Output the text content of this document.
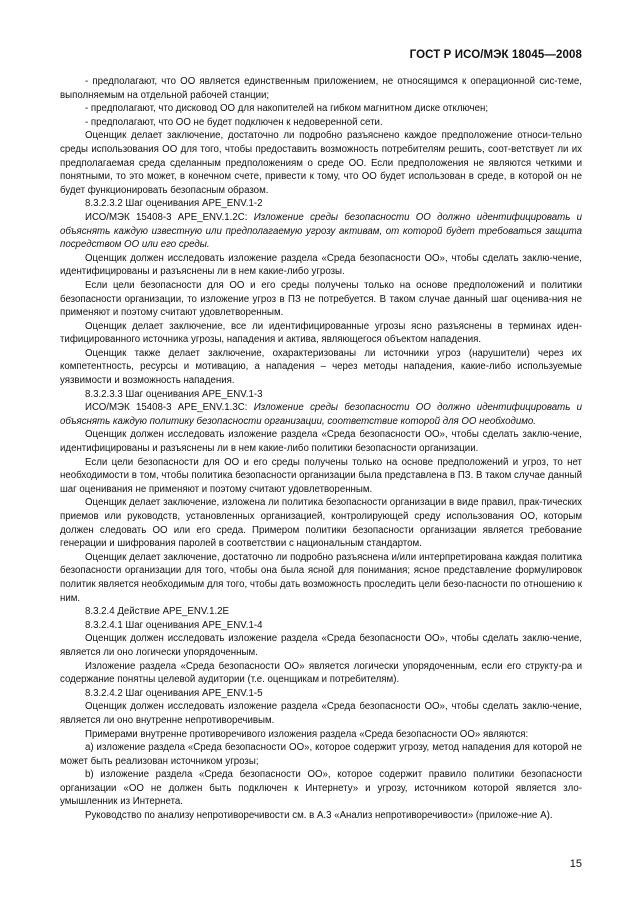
ГОСТ Р ИСО/МЭК 18045—2008

- предполагают, что ОО является единственным приложением, не относящимся к операционной сис-теме, выполняемым на отдельной рабочей станции;

- предполагают, что дисковод ОО для накопителей на гибком магнитном диске отключен;

- предполагают, что ОО не будет подключен к недоверенной сети.

Оценщик делает заключение, достаточно ли подробно разъяснено каждое предположение относи-тельно среды использования ОО для того, чтобы предоставить возможность потребителям решить, соот-ветствует ли их предполагаемая среда сделанным предположениям о среде ОО. Если предположения не являются четкими и понятными, то это может, в конечном счете, привести к тому, что ОО будет использован в среде, в которой он не будет функционировать безопасным образом.

8.3.2.3.2 Шаг оценивания APE_ENV.1-2

ИСО/МЭК 15408-3 APE_ENV.1.2C: Изложение среды безопасности ОО должно идентифицировать и объяснять каждую известную или предполагаемую угрозу активам, от которой будет требоваться защита посредством ОО или его среды.

Оценщик должен исследовать изложение раздела «Среда безопасности ОО», чтобы сделать заклю-чение, идентифицированы и разъяснены ли в нем какие-либо угрозы.

Если цели безопасности для ОО и его среды получены только на основе предположений и политики безопасности организации, то изложение угроз в ПЗ не потребуется. В таком случае данный шаг оценива-ния не применяют и поэтому считают удовлетворенным.

Оценщик делает заключение, все ли идентифицированные угрозы ясно разъяснены в терминах иден-тифицированного источника угрозы, нападения и актива, являющегося объектом нападения.

Оценщик также делает заключение, охарактеризованы ли источники угроз (нарушители) через их компетентность, ресурсы и мотивацию, а нападения – через методы нападения, какие-либо используемые уязвимости и возможность нападения.

8.3.2.3.3 Шаг оценивания APE_ENV.1-3

ИСО/МЭК 15408-3 APE_ENV.1.3C: Изложение среды безопасности ОО должно идентифицировать и объяснять каждую политику безопасности организации, соответствие которой для ОО необходимо.

Оценщик должен исследовать изложение раздела «Среда безопасности ОО», чтобы сделать заклю-чение, идентифицированы и разъяснены ли в нем какие-либо политики безопасности организации.

Если цели безопасности для ОО и его среды получены только на основе предположений и угроз, то нет необходимости в том, чтобы политика безопасности организации была представлена в ПЗ. В таком случае данный шаг оценивания не применяют и поэтому считают удовлетворенным.

Оценщик делает заключение, изложена ли политика безопасности организации в виде правил, прак-тических приемов или руководств, установленных организацией, контролирующей среду использования ОО, которым должен следовать ОО или его среда. Примером политики безопасности организации является требование генерации и шифрования паролей в соответствии с национальным стандартом.

Оценщик делает заключение, достаточно ли подробно разъяснена и/или интерпретирована каждая политика безопасности организации для того, чтобы она была ясной для понимания; ясное представление формулировок политик является необходимым для того, чтобы дать возможность проследить цели безо-пасности по отношению к ним.

8.3.2.4 Действие APE_ENV.1.2E

8.3.2.4.1 Шаг оценивания APE_ENV.1-4

Оценщик должен исследовать изложение раздела «Среда безопасности ОО», чтобы сделать заклю-чение, является ли оно логически упорядоченным.

Изложение раздела «Среда безопасности ОО» является логически упорядоченным, если его структу-ра и содержание понятны целевой аудитории (т.е. оценщикам и потребителям).

8.3.2.4.2 Шаг оценивания APE_ENV.1-5

Оценщик должен исследовать изложение раздела «Среда безопасности ОО», чтобы сделать заклю-чение, является ли оно внутренне непротиворечивым.

Примерами внутренне противоречивого изложения раздела «Среда безопасности ОО» являются:

а) изложение раздела «Среда безопасности ОО», которое содержит угрозу, метод нападения для которой не может быть реализован источником угрозы;

b) изложение раздела «Среда безопасности ОО», которое содержит правило политики безопасности организации «ОО не должен быть подключен к Интернету» и угрозу, источником которой является зло-умышленник из Интернета.

Руководство по анализу непротиворечивости см. в А.3 «Анализ непротиворечивости» (приложе-ние А).

15
